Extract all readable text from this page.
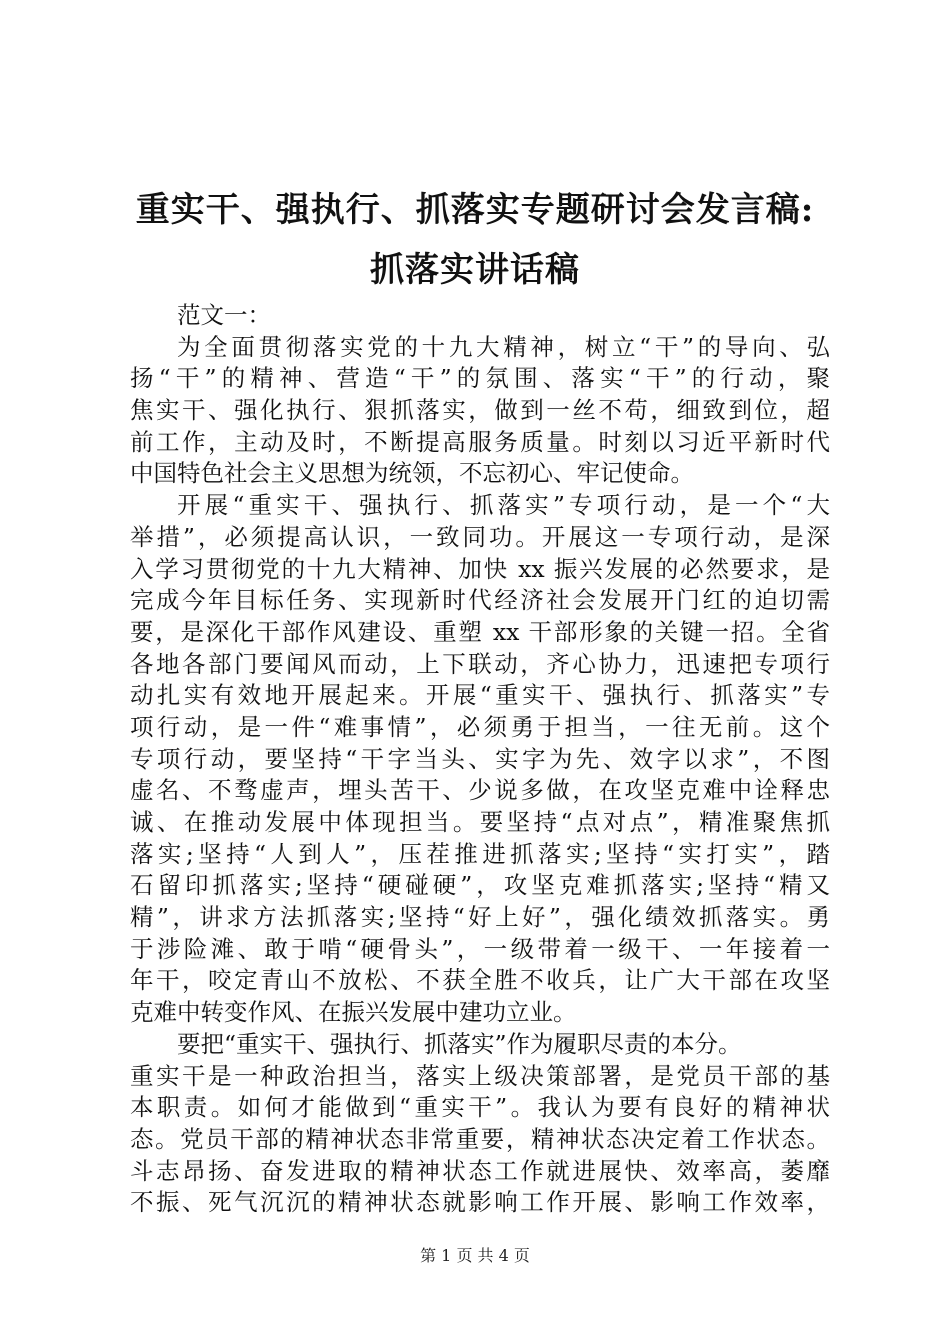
重实干、强执行、抓落实专题研讨会发言稿:
抓落实讲话稿
范文一：
为全面贯彻落实党的十九大精神，树立“干”的导向、弘
扬“干”的精神、营造“干”的氛围、落实“干”的行动，聚
焦实干、强化执行、狠抓落实，做到一丝不苟，细致到位，超
前工作，主动及时，不断提高服务质量。时刻以习近平新时代
中国特色社会主义思想为统领，不忘初心、牢记使命。
开展“重实干、强执行、抓落实”专项行动，是一个“大
举措”，必须提高认识，一致同功。开展这一专项行动，是深
入学习贯彻党的十九大精神、加快 xx 振兴发展的必然要求，是
完成今年目标任务、实现新时代经济社会发展开门红的迫切需
要，是深化干部作风建设、重塑 xx 干部形象的关键一招。全省
各地各部门要闻风而动，上下联动，齐心协力，迅速把专项行
动扎实有效地开展起来。开展“重实干、强执行、抓落实”专
项行动，是一件“难事情”，必须勇于担当，一往无前。这个
专项行动，要坚持“干字当头、实字为先、效字以求”，不图
虚名、不骛虚声，埋头苦干、少说多做，在攻坚克难中诠释忠
诚、在推动发展中体现担当。要坚持“点对点”，精准聚焦抓
落实;坚持“人到人”，压茬推进抓落实;坚持“实打实”，踏
石留印抓落实;坚持“硬碰硬”，攻坚克难抓落实;坚持“精又
精”，讲求方法抓落实;坚持“好上好”，强化绩效抓落实。勇
于涉险滩、敢于啃“硬骨头”，一级带着一级干、一年接着一
年干，咬定青山不放松、不获全胜不收兵，让广大干部在攻坚
克难中转变作风、在振兴发展中建功立业。
要把“重实干、强执行、抓落实”作为履职尽责的本分。
重实干是一种政治担当，落实上级决策部署，是党员干部的基
本职责。如何才能做到“重实干”。我认为要有良好的精神状
态。党员干部的精神状态非常重要，精神状态决定着工作状态。
斗志昂扬、奋发进取的精神状态工作就进展快、效率高，萎靡
不振、死气沉沉的精神状态就影响工作开展、影响工作效率，
第 1 页 共 4 页
